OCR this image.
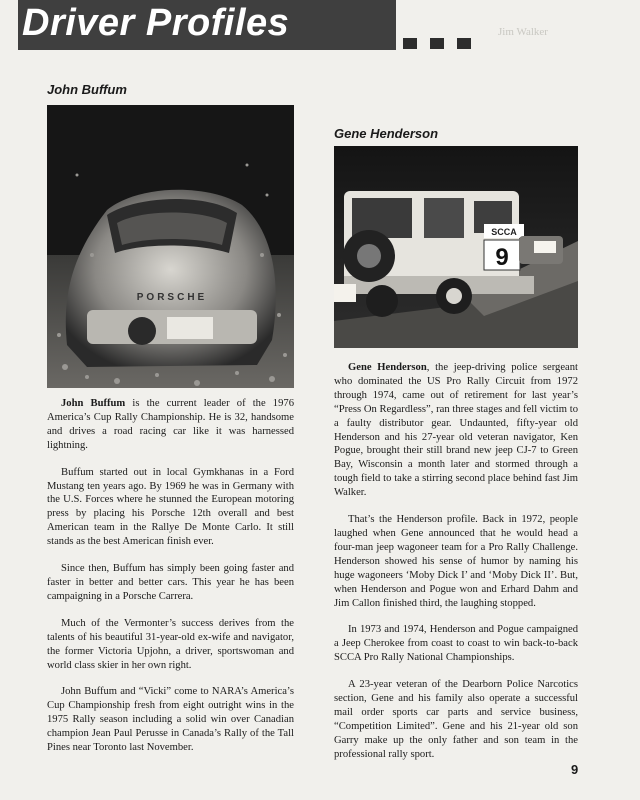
Driver Profiles	Jim Walker
John Buffum
Gene Henderson
PORSCHE
SCCA
9

John Buffum is the current leader of the 1976 America’s Cup Rally Championship. He is 32, handsome and drives a road racing car like it was harnessed lightning.

Buffum started out in local Gymkhanas in a Ford Mustang ten years ago. By 1969 he was in Germany with the U.S. Forces where he stunned the European motoring press by placing his Porsche 12th overall and best American team in the Rallye De Monte Carlo. It still stands as the best American finish ever.

Since then, Buffum has simply been going faster and faster in better and better cars. This year he has been campaigning in a Porsche Carrera.

Much of the Vermonter’s success derives from the talents of his beautiful 31-year-old ex-wife and navigator, the former Victoria Upjohn, a driver, sportswoman and world class skier in her own right.

John Buffum and “Vicki” come to NARA’s America’s Cup Championship fresh from eight outright wins in the 1975 Rally season including a solid win over Canadian champion Jean Paul Perusse in Canada’s Rally of the Tall Pines near Toronto last November.

Gene Henderson, the jeep-driving police sergeant who dominated the US Pro Rally Circuit from 1972 through 1974, came out of retirement for last year’s “Press On Regardless”, ran three stages and fell victim to a faulty distributor gear. Undaunted, fifty-year old Henderson and his 27-year old veteran navigator, Ken Pogue, brought their still brand new jeep CJ-7 to Green Bay, Wisconsin a month later and stormed through a tough field to take a stirring second place behind fast Jim Walker.

That’s the Henderson profile. Back in 1972, people laughed when Gene announced that he would head a four-man jeep wagoneer team for a Pro Rally Challenge. Henderson showed his sense of humor by naming his huge wagoneers ‘Moby Dick I’ and ‘Moby Dick II’. But, when Henderson and Pogue won and Erhard Dahm and Jim Callon finished third, the laughing stopped.

In 1973 and 1974, Henderson and Pogue campaigned a Jeep Cherokee from coast to coast to win back-to-back SCCA Pro Rally National Championships.

A 23-year veteran of the Dearborn Police Narcotics section, Gene and his family also operate a successful mail order sports car parts and service business, “Competition Limited”. Gene and his 21-year old son Garry make up the only father and son team in the professional rally sport.

9
